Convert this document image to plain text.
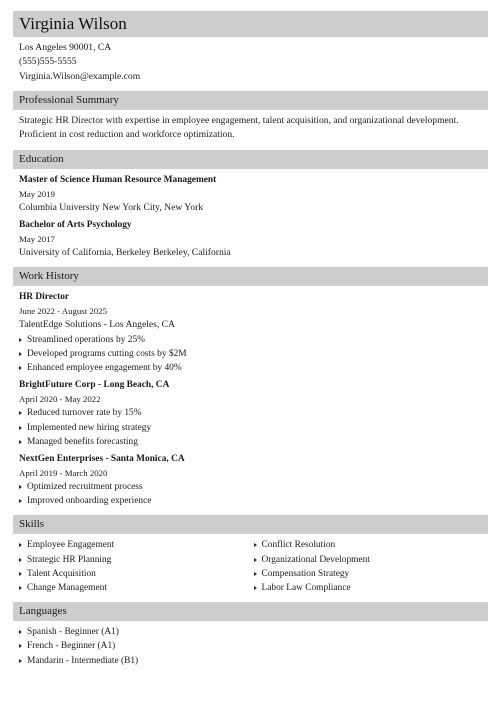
Virginia Wilson
Los Angeles 90001, CA
(555)555-5555
Virginia.Wilson@example.com
Professional Summary
Strategic HR Director with expertise in employee engagement, talent acquisition, and organizational development. Proficient in cost reduction and workforce optimization.
Education
Master of Science Human Resource Management
May 2019
Columbia University New York City, New York
Bachelor of Arts Psychology
May 2017
University of California, Berkeley Berkeley, California
Work History
HR Director
June 2022 - August 2025
TalentEdge Solutions - Los Angeles, CA
Streamlined operations by 25%
Developed programs cutting costs by $2M
Enhanced employee engagement by 40%
BrightFuture Corp - Long Beach, CA
April 2020 - May 2022
Reduced turnover rate by 15%
Implemented new hiring strategy
Managed benefits forecasting
NextGen Enterprises - Santa Monica, CA
April 2019 - March 2020
Optimized recruitment process
Improved onboarding experience
Skills
Employee Engagement
Strategic HR Planning
Talent Acquisition
Change Management
Conflict Resolution
Organizational Development
Compensation Strategy
Labor Law Compliance
Languages
Spanish - Beginner (A1)
French - Beginner (A1)
Mandarin - Intermediate (B1)
